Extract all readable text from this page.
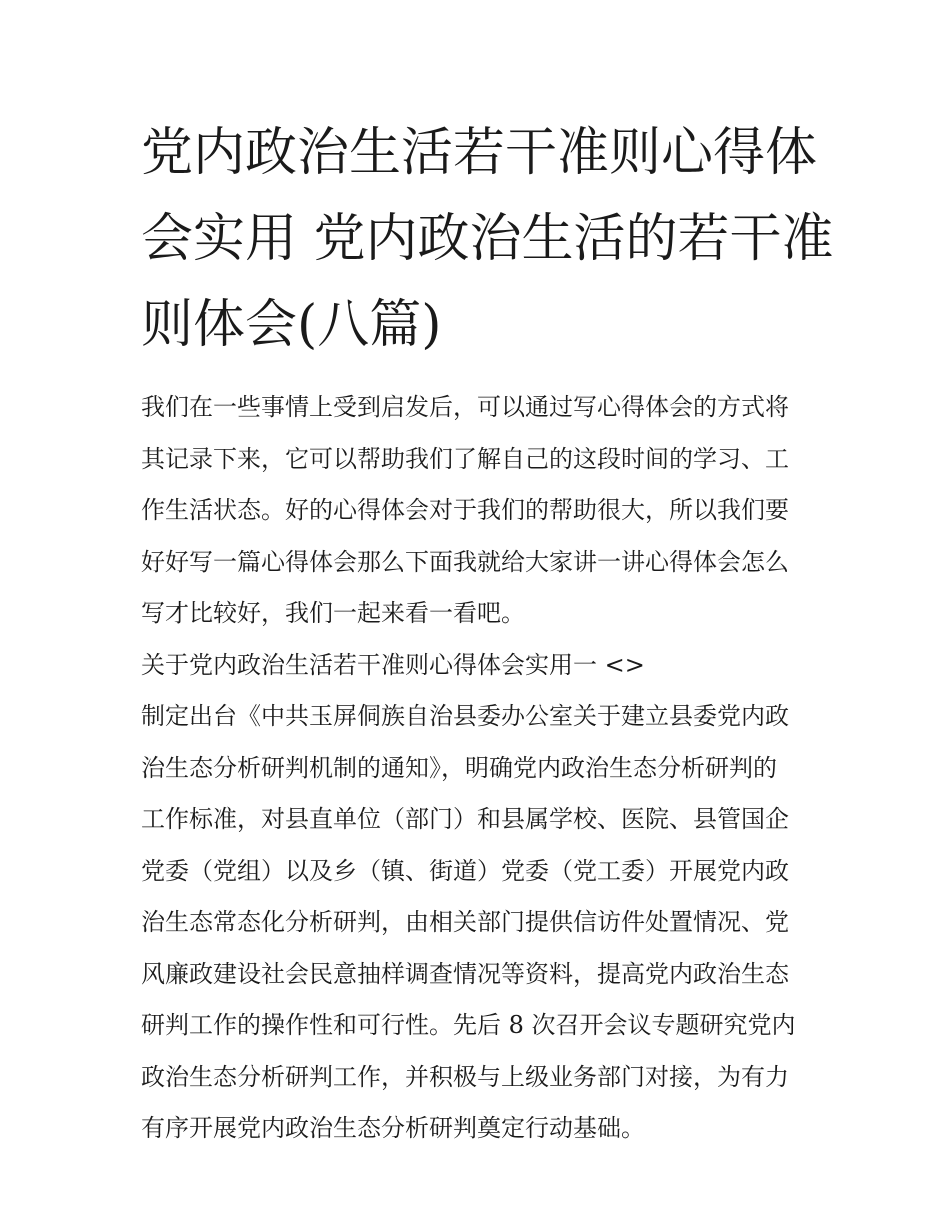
党内政治生活若干准则心得体
会实用 党内政治生活的若干准
则体会(八篇)
我们在一些事情上受到启发后，可以通过写心得体会的方式将
其记录下来，它可以帮助我们了解自己的这段时间的学习、工
作生活状态。好的心得体会对于我们的帮助很大，所以我们要
好好写一篇心得体会那么下面我就给大家讲一讲心得体会怎么
写才比较好，我们一起来看一看吧。
关于党内政治生活若干准则心得体会实用一 <>
制定出台《中共玉屏侗族自治县委办公室关于建立县委党内政
治生态分析研判机制的通知》，明确党内政治生态分析研判的
工作标准，对县直单位（部门）和县属学校、医院、县管国企
党委（党组）以及乡（镇、街道）党委（党工委）开展党内政
治生态常态化分析研判，由相关部门提供信访件处置情况、党
风廉政建设社会民意抽样调查情况等资料，提高党内政治生态
研判工作的操作性和可行性。先后 8 次召开会议专题研究党内
政治生态分析研判工作，并积极与上级业务部门对接，为有力
有序开展党内政治生态分析研判奠定行动基础。
